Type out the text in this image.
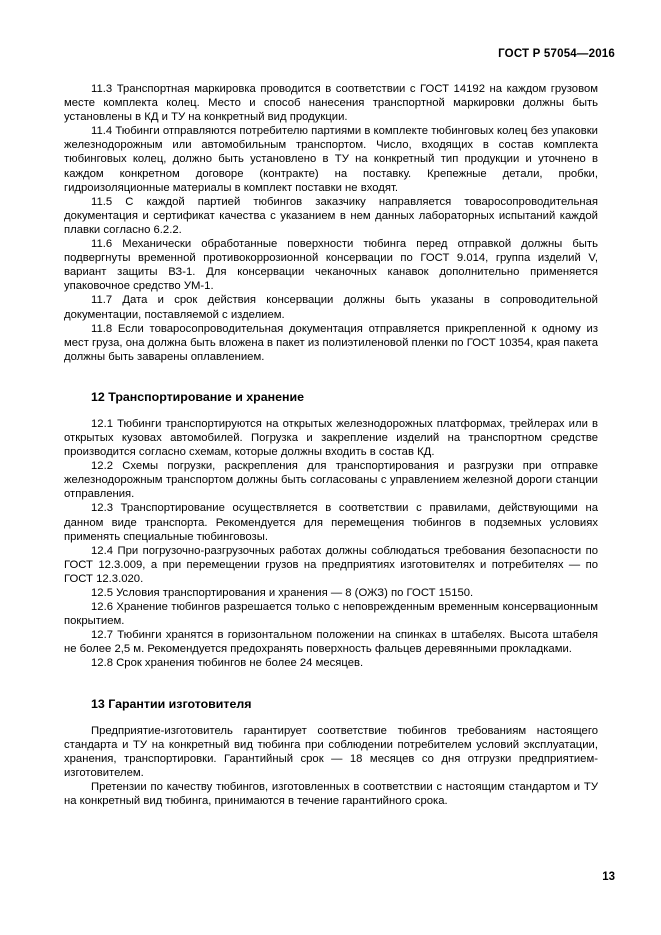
ГОСТ Р 57054—2016

11.3 Транспортная маркировка проводится в соответствии с ГОСТ 14192 на каждом грузовом месте комплекта колец. Место и способ нанесения транспортной маркировки должны быть установлены в КД и ТУ на конкретный вид продукции.

11.4 Тюбинги отправляются потребителю партиями в комплекте тюбинговых колец без упаковки железнодорожным или автомобильным транспортом. Число, входящих в состав комплекта тюбинговых колец, должно быть установлено в ТУ на конкретный тип продукции и уточнено в каждом конкретном договоре (контракте) на поставку. Крепежные детали, пробки, гидроизоляционные материалы в комплект поставки не входят.

11.5 С каждой партией тюбингов заказчику направляется товаросопроводительная документация и сертификат качества с указанием в нем данных лабораторных испытаний каждой плавки согласно 6.2.2.

11.6 Механически обработанные поверхности тюбинга перед отправкой должны быть подвергнуты временной противокоррозионной консервации по ГОСТ 9.014, группа изделий V, вариант защиты ВЗ-1. Для консервации чеканочных канавок дополнительно применяется упаковочное средство УМ-1.

11.7 Дата и срок действия консервации должны быть указаны в сопроводительной документации, поставляемой с изделием.

11.8 Если товаросопроводительная документация отправляется прикрепленной к одному из мест груза, она должна быть вложена в пакет из полиэтиленовой пленки по ГОСТ 10354, края пакета должны быть заварены оплавлением.

12 Транспортирование и хранение

12.1 Тюбинги транспортируются на открытых железнодорожных платформах, трейлерах или в открытых кузовах автомобилей. Погрузка и закрепление изделий на транспортном средстве производится согласно схемам, которые должны входить в состав КД.

12.2 Схемы погрузки, раскрепления для транспортирования и разгрузки при отправке железнодорожным транспортом должны быть согласованы с управлением железной дороги станции отправления.

12.3 Транспортирование осуществляется в соответствии с правилами, действующими на данном виде транспорта. Рекомендуется для перемещения тюбингов в подземных условиях применять специальные тюбинговозы.

12.4 При погрузочно-разгрузочных работах должны соблюдаться требования безопасности по ГОСТ 12.3.009, а при перемещении грузов на предприятиях изготовителях и потребителях — по ГОСТ 12.3.020.

12.5 Условия транспортирования и хранения — 8 (ОЖЗ) по ГОСТ 15150.

12.6 Хранение тюбингов разрешается только с неповрежденным временным консервационным покрытием.

12.7 Тюбинги хранятся в горизонтальном положении на спинках в штабелях. Высота штабеля не более 2,5 м. Рекомендуется предохранять поверхность фальцев деревянными прокладками.

12.8 Срок хранения тюбингов не более 24 месяцев.

13 Гарантии изготовителя

Предприятие-изготовитель гарантирует соответствие тюбингов требованиям настоящего стандарта и ТУ на конкретный вид тюбинга при соблюдении потребителем условий эксплуатации, хранения, транспортировки. Гарантийный срок — 18 месяцев со дня отгрузки предприятием-изготовителем.

Претензии по качеству тюбингов, изготовленных в соответствии с настоящим стандартом и ТУ на конкретный вид тюбинга, принимаются в течение гарантийного срока.

13
